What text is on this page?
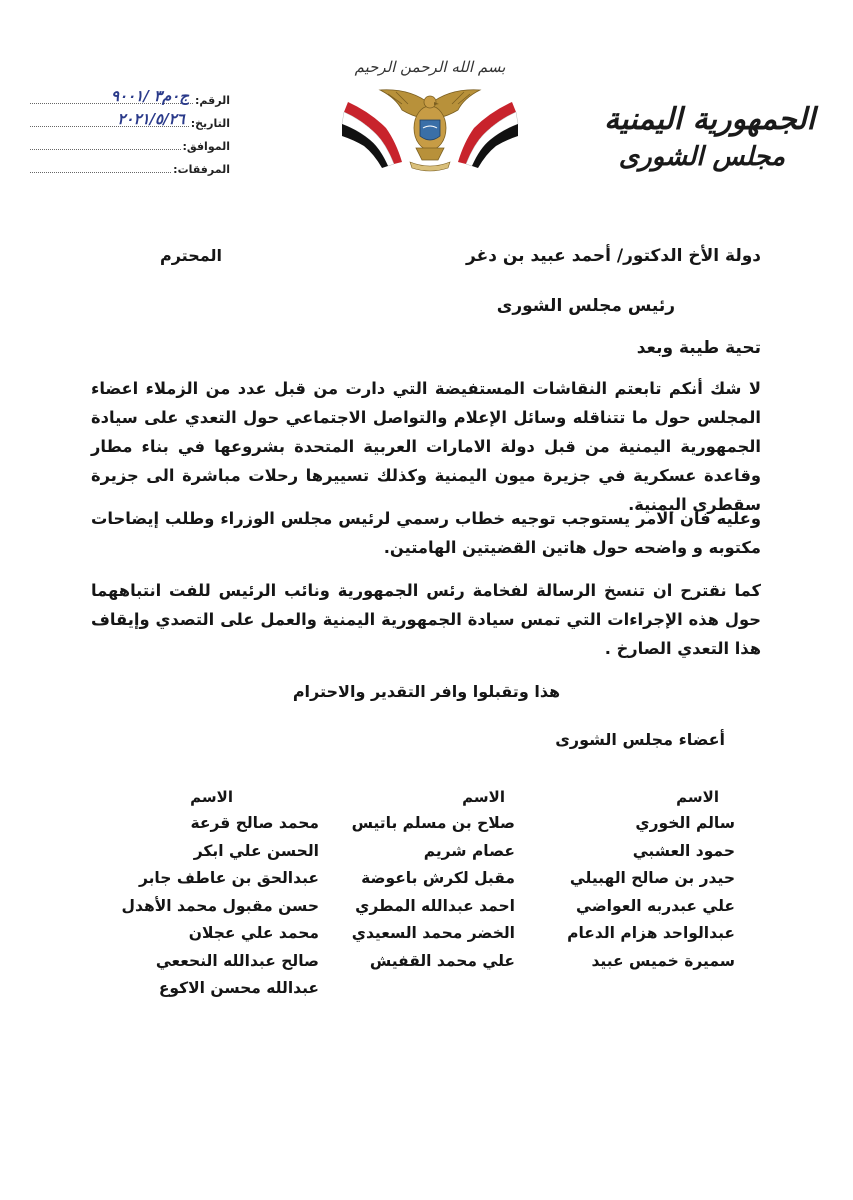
الجمهورية اليمنية
مجلس الشورى
بسم الله الرحمن الرحيم
الرقم:
ج٠م٣ /٩٠٠١
التاريخ:
٢٠٢١/٥/٢٦
الموافق:
المرفقات:
دولة الأخ الدكتور/ أحمد عبيد بن دغر
المحترم
رئيس مجلس الشورى
تحية طيبة وبعد
لا شك أنكم تابعتم النقاشات المستفيضة التي دارت من قبل عدد من الزملاء اعضاء المجلس حول ما تتناقله وسائل الإعلام والتواصل الاجتماعي حول التعدي على سيادة الجمهورية اليمنية من قبل دولة الامارات العربية المتحدة بشروعها في بناء مطار وقاعدة عسكرية في جزيرة ميون اليمنية وكذلك تسييرها رحلات مباشرة الى جزيرة سقطرى اليمنية.
وعليه فان الامر يستوجب توجيه خطاب رسمي لرئيس مجلس الوزراء وطلب إيضاحات مكتوبه و واضحه حول هاتين القضيتين الهامتين.
كما نقترح ان تنسخ الرسالة لفخامة رئس الجمهورية ونائب الرئيس للفت انتباههما حول هذه الإجراءات التي تمس سيادة الجمهورية اليمنية والعمل على التصدي وإيقاف هذا التعدي الصارخ .
هذا وتقبلوا وافر التقدير والاحترام
أعضاء مجلس الشورى
الاسم
محمد صالح قرعة
الحسن علي ابكر
عبدالحق بن عاطف جابر
حسن مقبول محمد الأهدل
محمد علي عجلان
صالح عبدالله النحععي
عبدالله محسن الاكوع
الاسم
صلاح بن مسلم باتيس
عصام شريم
مقبل لكرش باعوضة
احمد عبدالله المطري
الخضر محمد السعيدي
علي محمد القفيش
الاسم
سالم الخوري
حمود العشبي
حيدر بن صالح الهبيلي
علي عبدربه العواضي
عبدالواحد هزام الدعام
سميرة خميس عبيد
